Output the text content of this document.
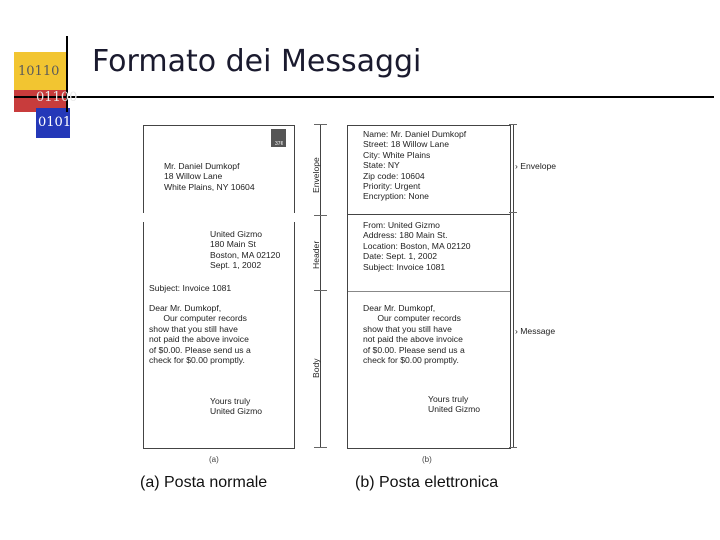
10110
01100
01011
Formato dei Messaggi
37¢
Mr. Daniel Dumkopf
18 Willow Lane
White Plains, NY 10604
United Gizmo
180 Main St
Boston, MA 02120
Sept. 1, 2002
Subject: Invoice 1081
Dear Mr. Dumkopf,
Our computer records
show that you still have
not paid the above invoice
of $0.00. Please send us a
check for $0.00 promptly.
Yours truly
United Gizmo
(a)
Envelope
Header
Body
Name: Mr. Daniel Dumkopf
Street: 18 Willow Lane
City: White Plains
State: NY
Zip code: 10604
Priority: Urgent
Encryption: None
From: United Gizmo
Address: 180 Main St.
Location: Boston, MA 02120
Date: Sept. 1, 2002
Subject: Invoice 1081
Dear Mr. Dumkopf,
Our computer records
show that you still have
not paid the above invoice
of $0.00. Please send us a
check for $0.00 promptly.
Yours truly
United Gizmo
(b)
› Envelope
› Message
(a) Posta normale	(b) Posta elettronica
